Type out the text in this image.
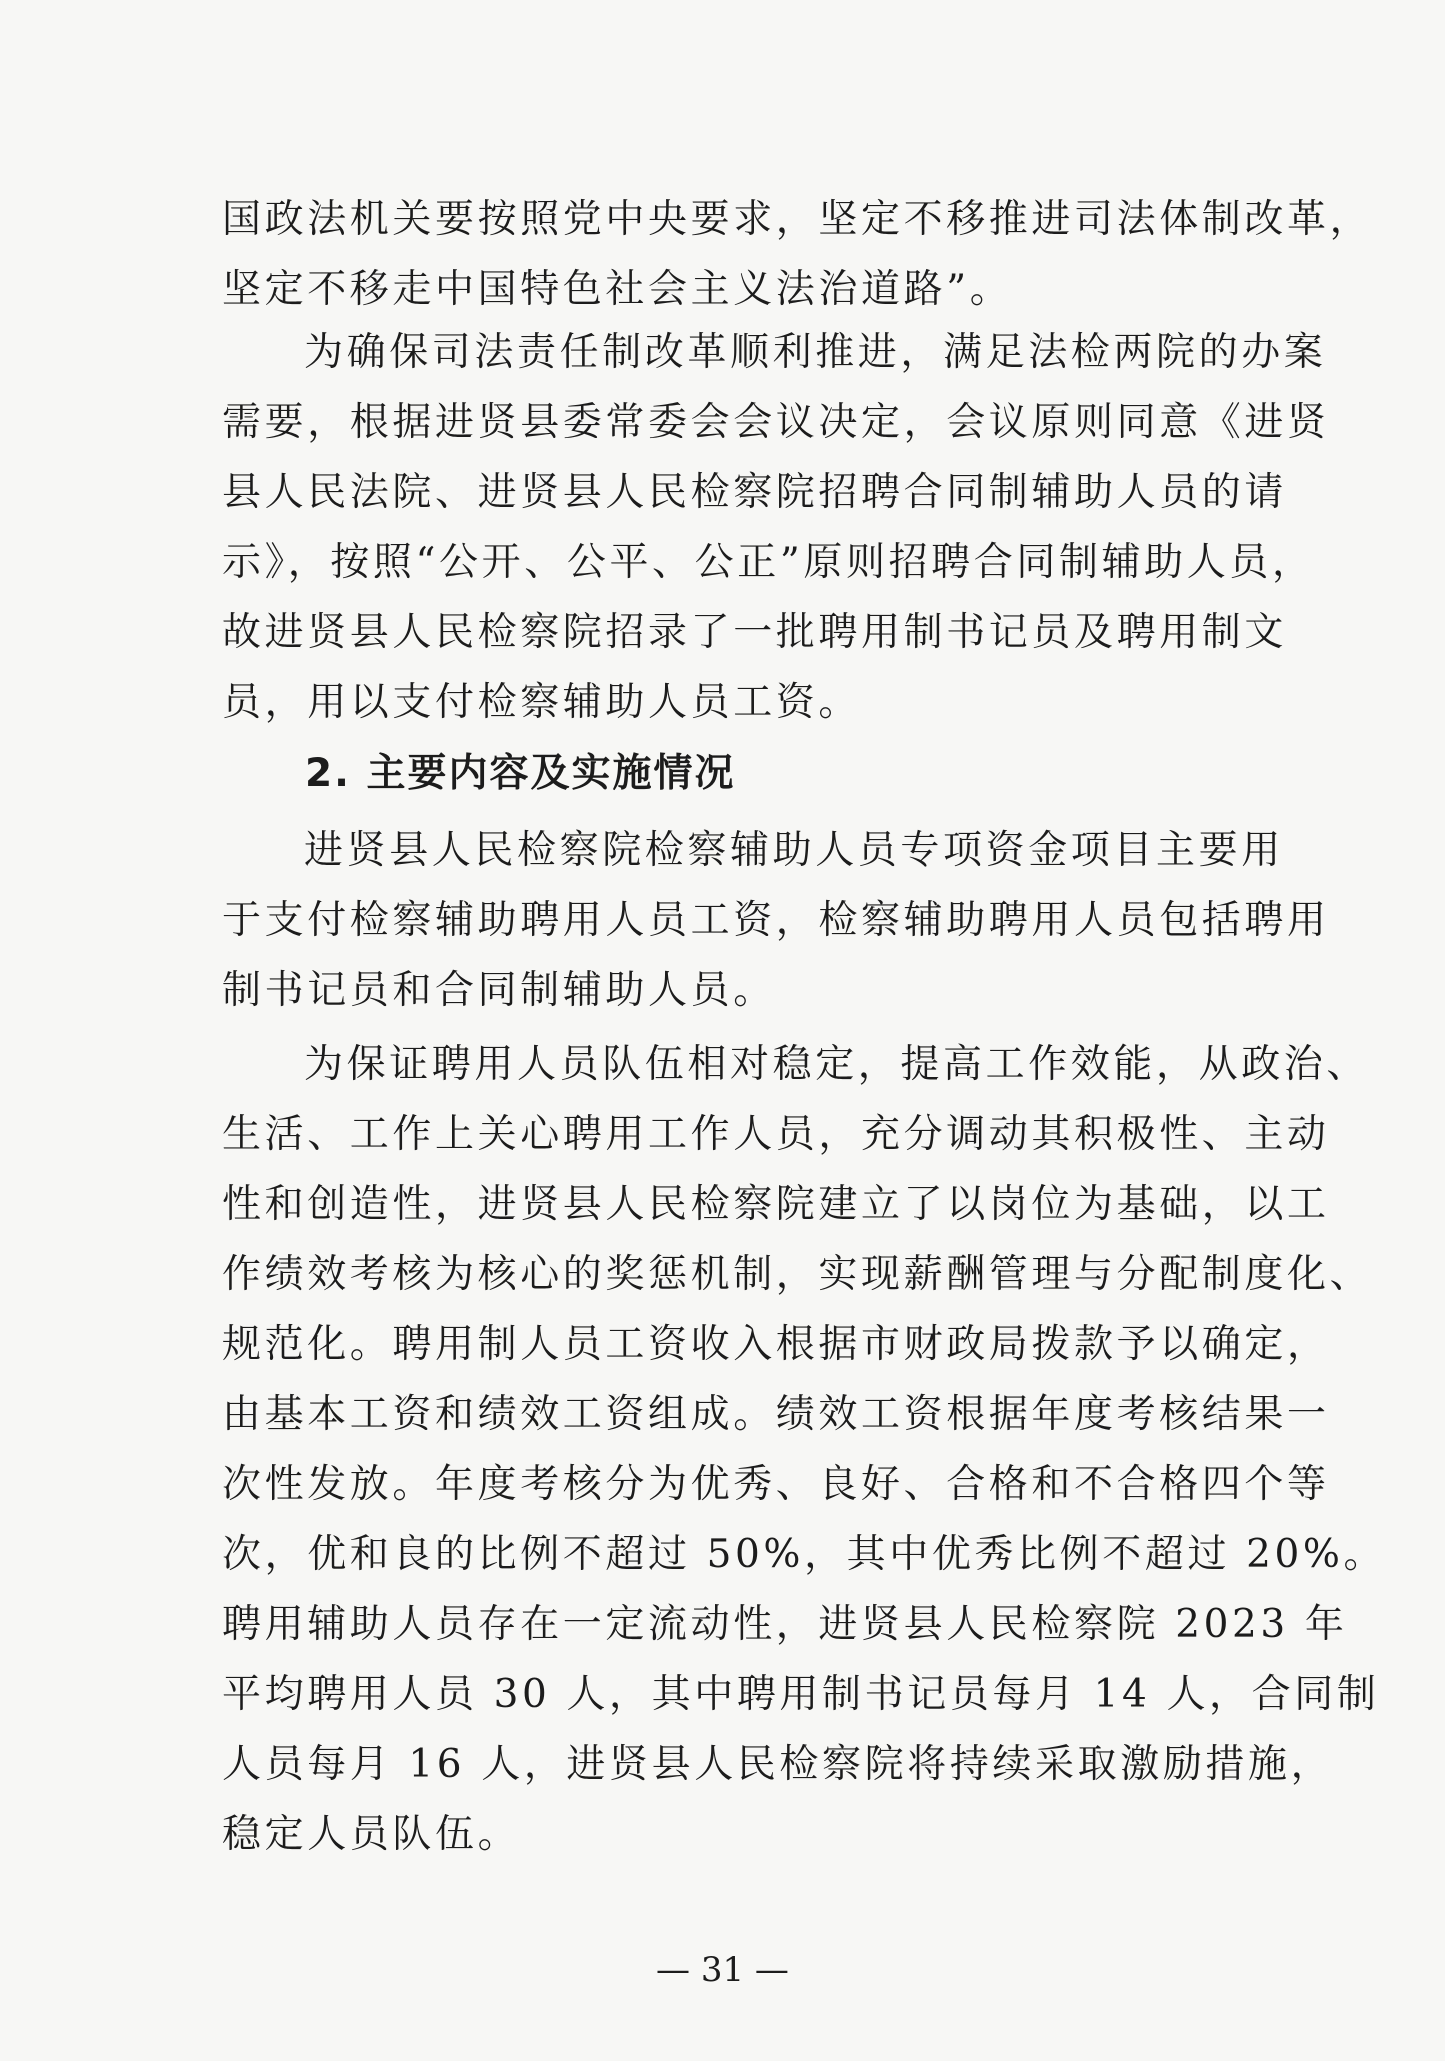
国政法机关要按照党中央要求，坚定不移推进司法体制改革，
坚定不移走中国特色社会主义法治道路”。
为确保司法责任制改革顺利推进，满足法检两院的办案
需要，根据进贤县委常委会会议决定，会议原则同意《进贤
县人民法院、进贤县人民检察院招聘合同制辅助人员的请
示》，按照“公开、公平、公正”原则招聘合同制辅助人员，
故进贤县人民检察院招录了一批聘用制书记员及聘用制文
员，用以支付检察辅助人员工资。
2. 主要内容及实施情况
进贤县人民检察院检察辅助人员专项资金项目主要用
于支付检察辅助聘用人员工资，检察辅助聘用人员包括聘用
制书记员和合同制辅助人员。
为保证聘用人员队伍相对稳定，提高工作效能，从政治、
生活、工作上关心聘用工作人员，充分调动其积极性、主动
性和创造性，进贤县人民检察院建立了以岗位为基础，以工
作绩效考核为核心的奖惩机制，实现薪酬管理与分配制度化、
规范化。聘用制人员工资收入根据市财政局拨款予以确定，
由基本工资和绩效工资组成。绩效工资根据年度考核结果一
次性发放。年度考核分为优秀、良好、合格和不合格四个等
次，优和良的比例不超过 50%，其中优秀比例不超过 20%。
聘用辅助人员存在一定流动性，进贤县人民检察院 2023 年
平均聘用人员 30 人，其中聘用制书记员每月 14 人，合同制
人员每月 16 人，进贤县人民检察院将持续采取激励措施，
稳定人员队伍。
— 31 —
